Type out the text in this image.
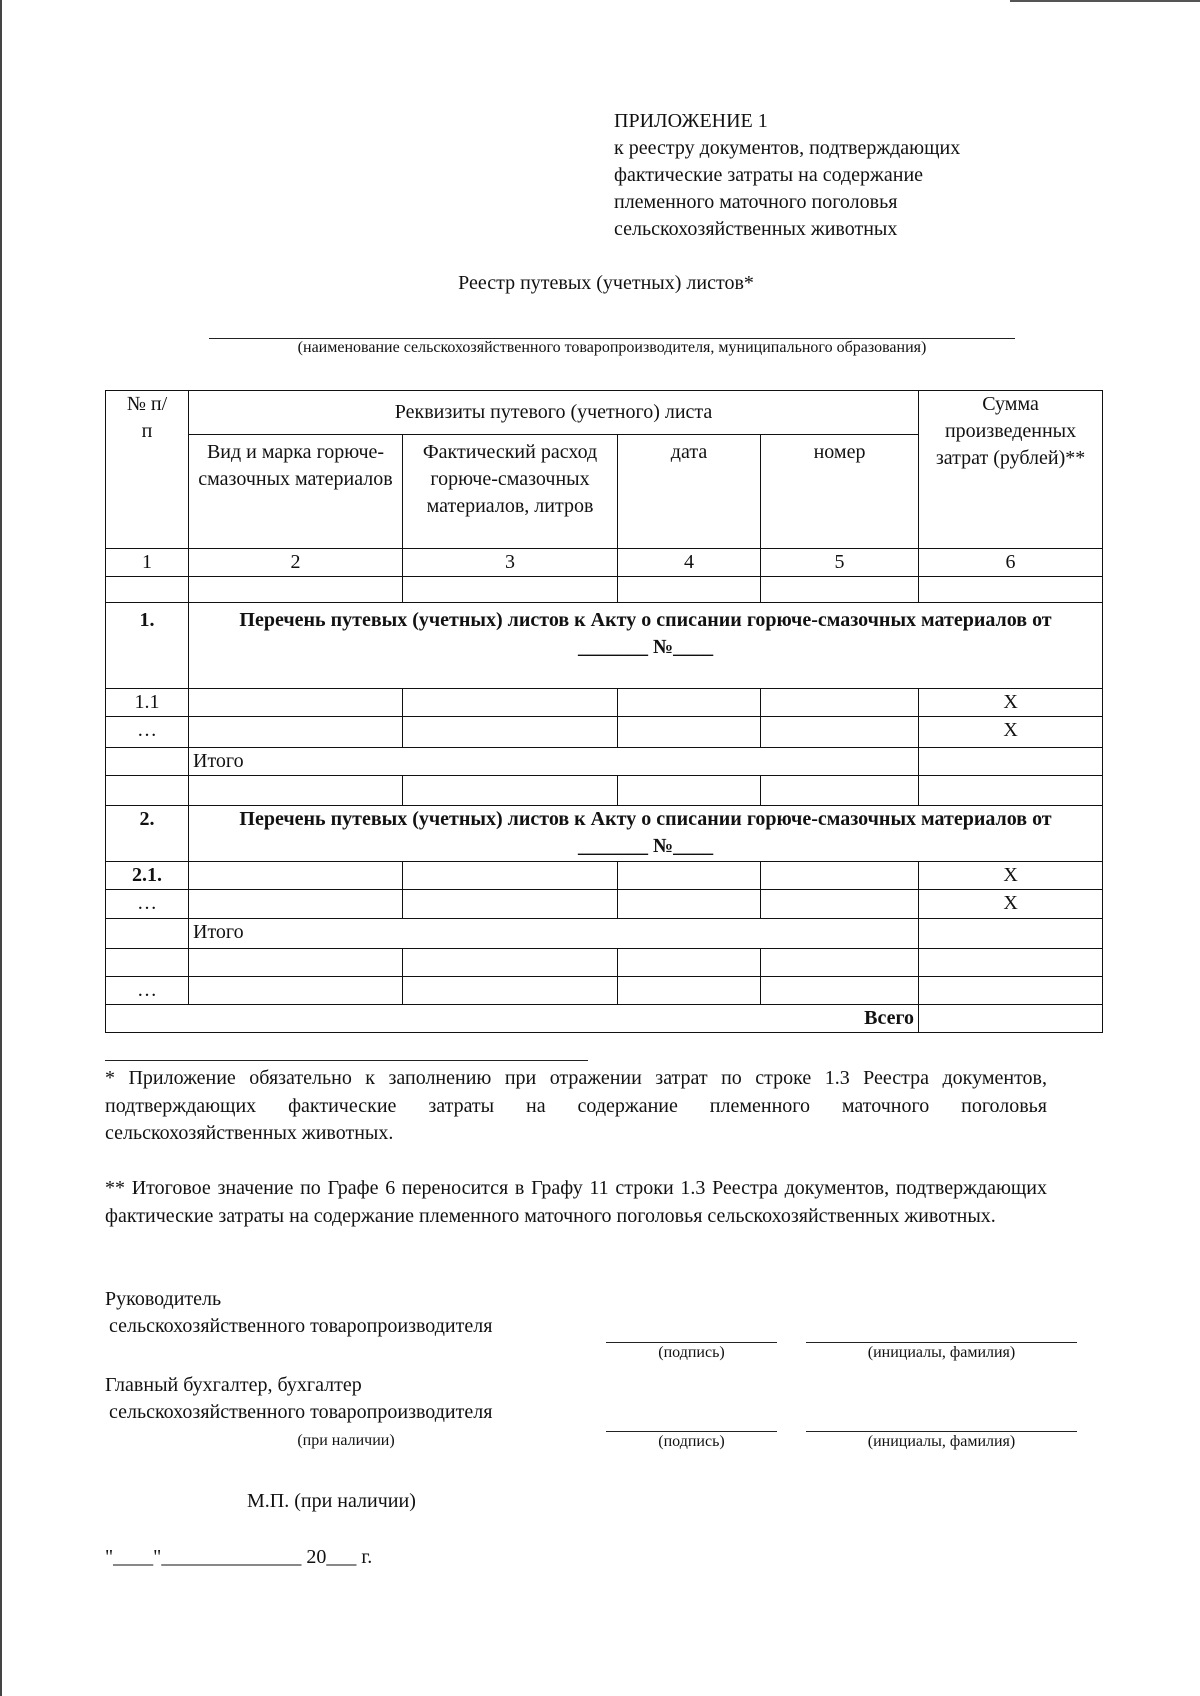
ПРИЛОЖЕНИЕ 1
к реестру документов, подтверждающих
фактические затраты на содержание
племенного маточного поголовья
сельскохозяйственных животных
Реестр путевых (учетных) листов*
(наименование сельскохозяйственного товаропроизводителя, муниципального образования)
№ п/п	Реквизиты путевого (учетного) листа				Сумма произведенных затрат (рублей)**
	Вид и марка горюче-смазочных материалов	Фактический расход горюче-смазочных материалов, литров	дата	номер	
1	2	3	4	5	6

1.	Перечень путевых (учетных) листов к Акту о списании горюче-смазочных материалов от _______ №____				
1.1					X
…					X
	Итого				

2.	Перечень путевых (учетных) листов к Акту о списании горюче-смазочных материалов от _______ №____				
2.1.					X
…					X
	Итого				

…					
Всего					
* Приложение обязательно к заполнению при отражении затрат по строке 1.3 Реестра документов, подтверждающих фактические затраты на содержание племенного маточного поголовья сельскохозяйственных животных.
** Итоговое значение по Графе 6 переносится в Графу 11 строки 1.3 Реестра документов, подтверждающих фактические затраты на содержание племенного маточного поголовья сельскохозяйственных животных.
Руководитель
сельскохозяйственного товаропроизводителя
(подпись)	(инициалы, фамилия)
Главный бухгалтер, бухгалтер
сельскохозяйственного товаропроизводителя
(при наличии)	(подпись)	(инициалы, фамилия)
М.П. (при наличии)
"____"______________ 20___ г.
